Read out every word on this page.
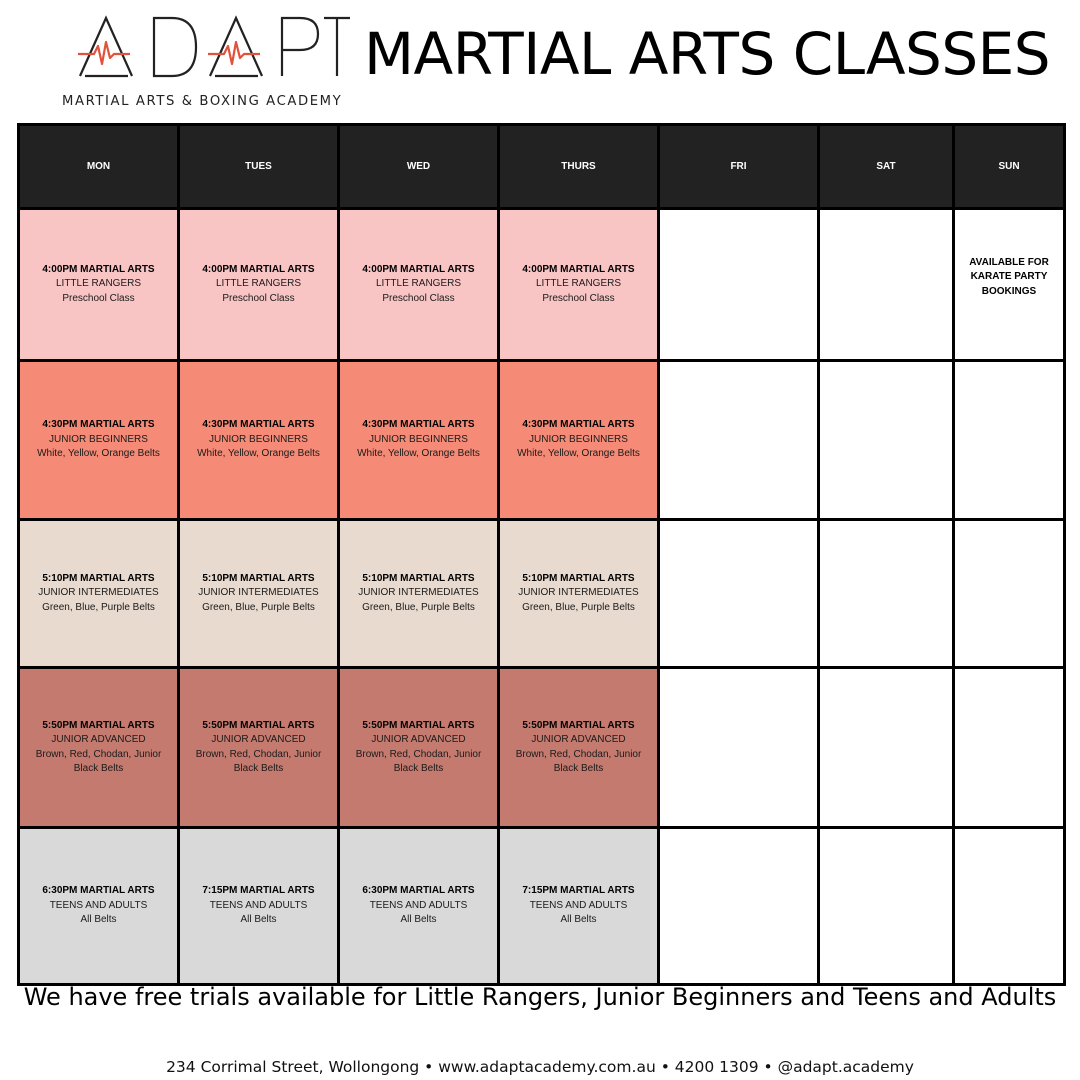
MARTIAL ARTS & BOXING ACADEMY
MARTIAL ARTS CLASSES
MON	TUES	WED	THURS	FRI	SAT	SUN

4:00PM MARTIAL ARTS
LITTLE RANGERS
Preschool Class	4:00PM MARTIAL ARTS
LITTLE RANGERS
Preschool Class	4:00PM MARTIAL ARTS
LITTLE RANGERS
Preschool Class	4:00PM MARTIAL ARTS
LITTLE RANGERS
Preschool Class			AVAILABLE FOR KARATE PARTY BOOKINGS

4:30PM MARTIAL ARTS
JUNIOR BEGINNERS
White, Yellow, Orange Belts	4:30PM MARTIAL ARTS
JUNIOR BEGINNERS
White, Yellow, Orange Belts	4:30PM MARTIAL ARTS
JUNIOR BEGINNERS
White, Yellow, Orange Belts	4:30PM MARTIAL ARTS
JUNIOR BEGINNERS
White, Yellow, Orange Belts			

5:10PM MARTIAL ARTS
JUNIOR INTERMEDIATES
Green, Blue, Purple Belts	5:10PM MARTIAL ARTS
JUNIOR INTERMEDIATES
Green, Blue, Purple Belts	5:10PM MARTIAL ARTS
JUNIOR INTERMEDIATES
Green, Blue, Purple Belts	5:10PM MARTIAL ARTS
JUNIOR INTERMEDIATES
Green, Blue, Purple Belts			

5:50PM MARTIAL ARTS
JUNIOR ADVANCED
Brown, Red, Chodan, Junior Black Belts	5:50PM MARTIAL ARTS
JUNIOR ADVANCED
Brown, Red, Chodan, Junior Black Belts	5:50PM MARTIAL ARTS
JUNIOR ADVANCED
Brown, Red, Chodan, Junior Black Belts	5:50PM MARTIAL ARTS
JUNIOR ADVANCED
Brown, Red, Chodan, Junior Black Belts			

6:30PM MARTIAL ARTS
TEENS AND ADULTS
All Belts	7:15PM MARTIAL ARTS
TEENS AND ADULTS
All Belts	6:30PM MARTIAL ARTS
TEENS AND ADULTS
All Belts	7:15PM MARTIAL ARTS
TEENS AND ADULTS
All Belts			

We have free trials available for Little Rangers, Junior Beginners and Teens and Adults
234 Corrimal Street, Wollongong • www.adaptacademy.com.au • 4200 1309 • @adapt.academy
